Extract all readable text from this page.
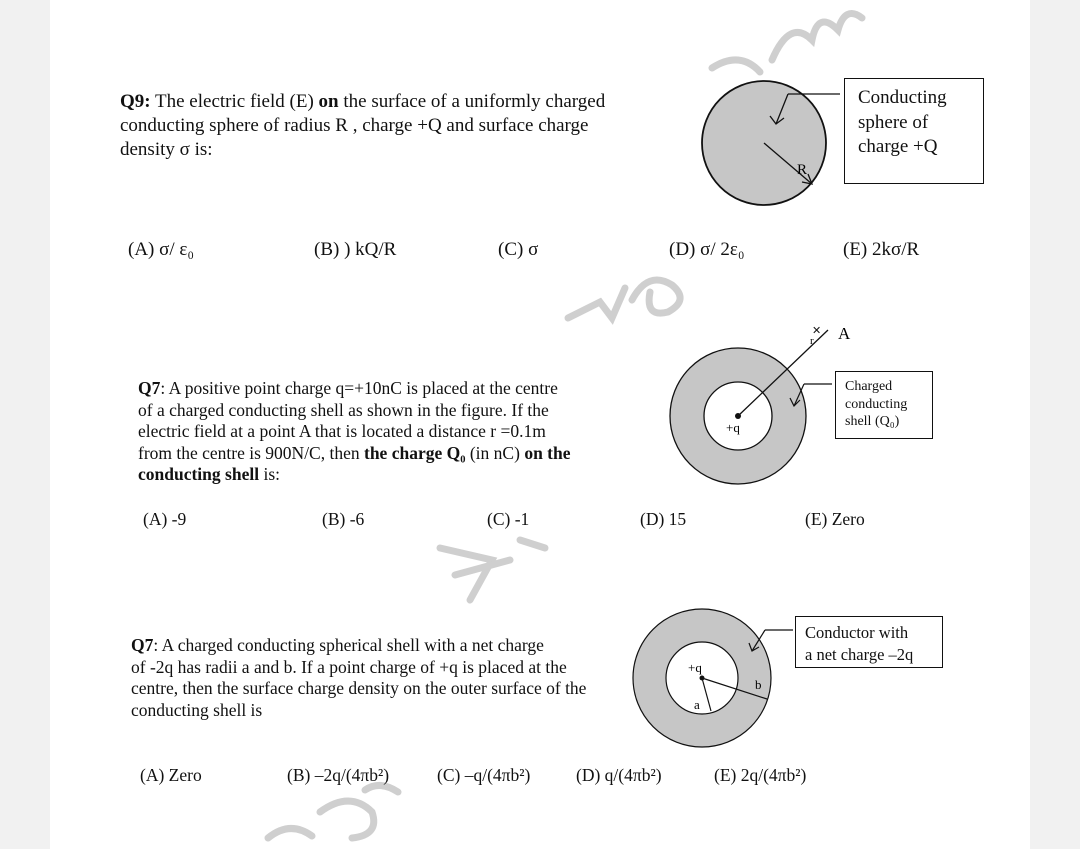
Q9: The electric field (E) on the surface of a uniformly charged
conducting sphere of radius R , charge +Q and surface charge
density σ is:
R
Conducting
sphere of
charge +Q
(A) σ/ ε₀	(B) ) kQ/R	(C) σ	(D) σ/ 2ε₀	(E) 2kσ/R
Q7: A positive point charge q=+10nC is placed at the centre
of a charged conducting shell as shown in the figure. If the
electric field at a point A that is located a distance r =0.1m
from the centre is 900N/C, then the charge Q₀ (in nC) on the
conducting shell is:
✕ A
r
+q
Charged
conducting
shell (Q₀)
(A) -9	(B) -6	(C) -1	(D) 15	(E) Zero
Q7: A charged conducting spherical shell with a net charge
of -2q has radii a and b. If a point charge of +q is placed at the
centre, then the surface charge density on the outer surface of the
conducting shell is
+q
a
b
Conductor with
a net charge –2q
(A) Zero	(B) –2q/(4πb²)	(C) –q/(4πb²)	(D) q/(4πb²)	(E) 2q/(4πb²)
